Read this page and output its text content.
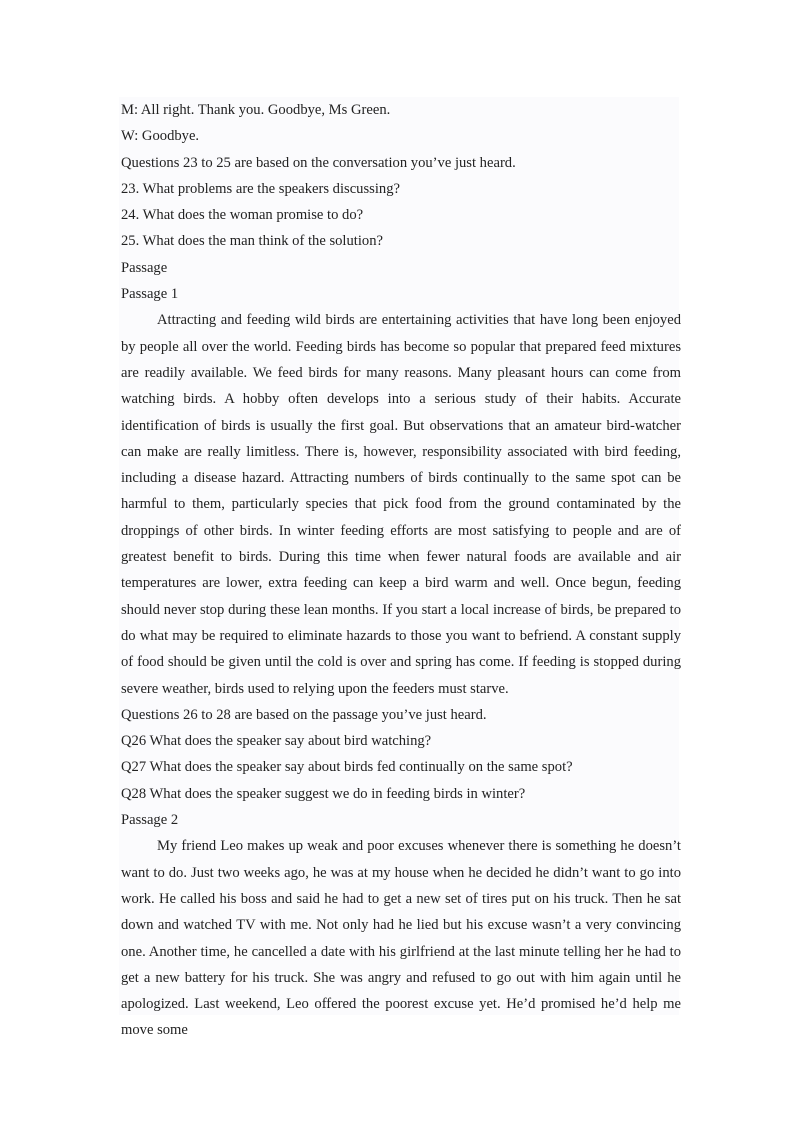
M: All right. Thank you. Goodbye, Ms Green.

W: Goodbye.

Questions 23 to 25 are based on the conversation you’ve just heard.

23. What problems are the speakers discussing?

24. What does the woman promise to do?

25. What does the man think of the solution?

Passage

Passage 1

Attracting and feeding wild birds are entertaining activities that have long been enjoyed by people all over the world. Feeding birds has become so popular that prepared feed mixtures are readily available. We feed birds for many reasons. Many pleasant hours can come from watching birds. A hobby often develops into a serious study of their habits. Accurate identification of birds is usually the first goal. But observations that an amateur bird-watcher can make are really limitless. There is, however, responsibility associated with bird feeding, including a disease hazard. Attracting numbers of birds continually to the same spot can be harmful to them, particularly species that pick food from the ground contaminated by the droppings of other birds. In winter feeding efforts are most satisfying to people and are of greatest benefit to birds. During this time when fewer natural foods are available and air temperatures are lower, extra feeding can keep a bird warm and well. Once begun, feeding should never stop during these lean months. If you start a local increase of birds, be prepared to do what may be required to eliminate hazards to those you want to befriend. A constant supply of food should be given until the cold is over and spring has come. If feeding is stopped during severe weather, birds used to relying upon the feeders must starve.

Questions 26 to 28 are based on the passage you’ve just heard.

Q26 What does the speaker say about bird watching?

Q27 What does the speaker say about birds fed continually on the same spot?

Q28 What does the speaker suggest we do in feeding birds in winter?

Passage 2

My friend Leo makes up weak and poor excuses whenever there is something he doesn’t want to do. Just two weeks ago, he was at my house when he decided he didn’t want to go into work. He called his boss and said he had to get a new set of tires put on his truck. Then he sat down and watched TV with me. Not only had he lied but his excuse wasn’t a very convincing one. Another time, he cancelled a date with his girlfriend at the last minute telling her he had to get a new battery for his truck. She was angry and refused to go out with him again until he apologized. Last weekend, Leo offered the poorest excuse yet. He’d promised he’d help me move some
